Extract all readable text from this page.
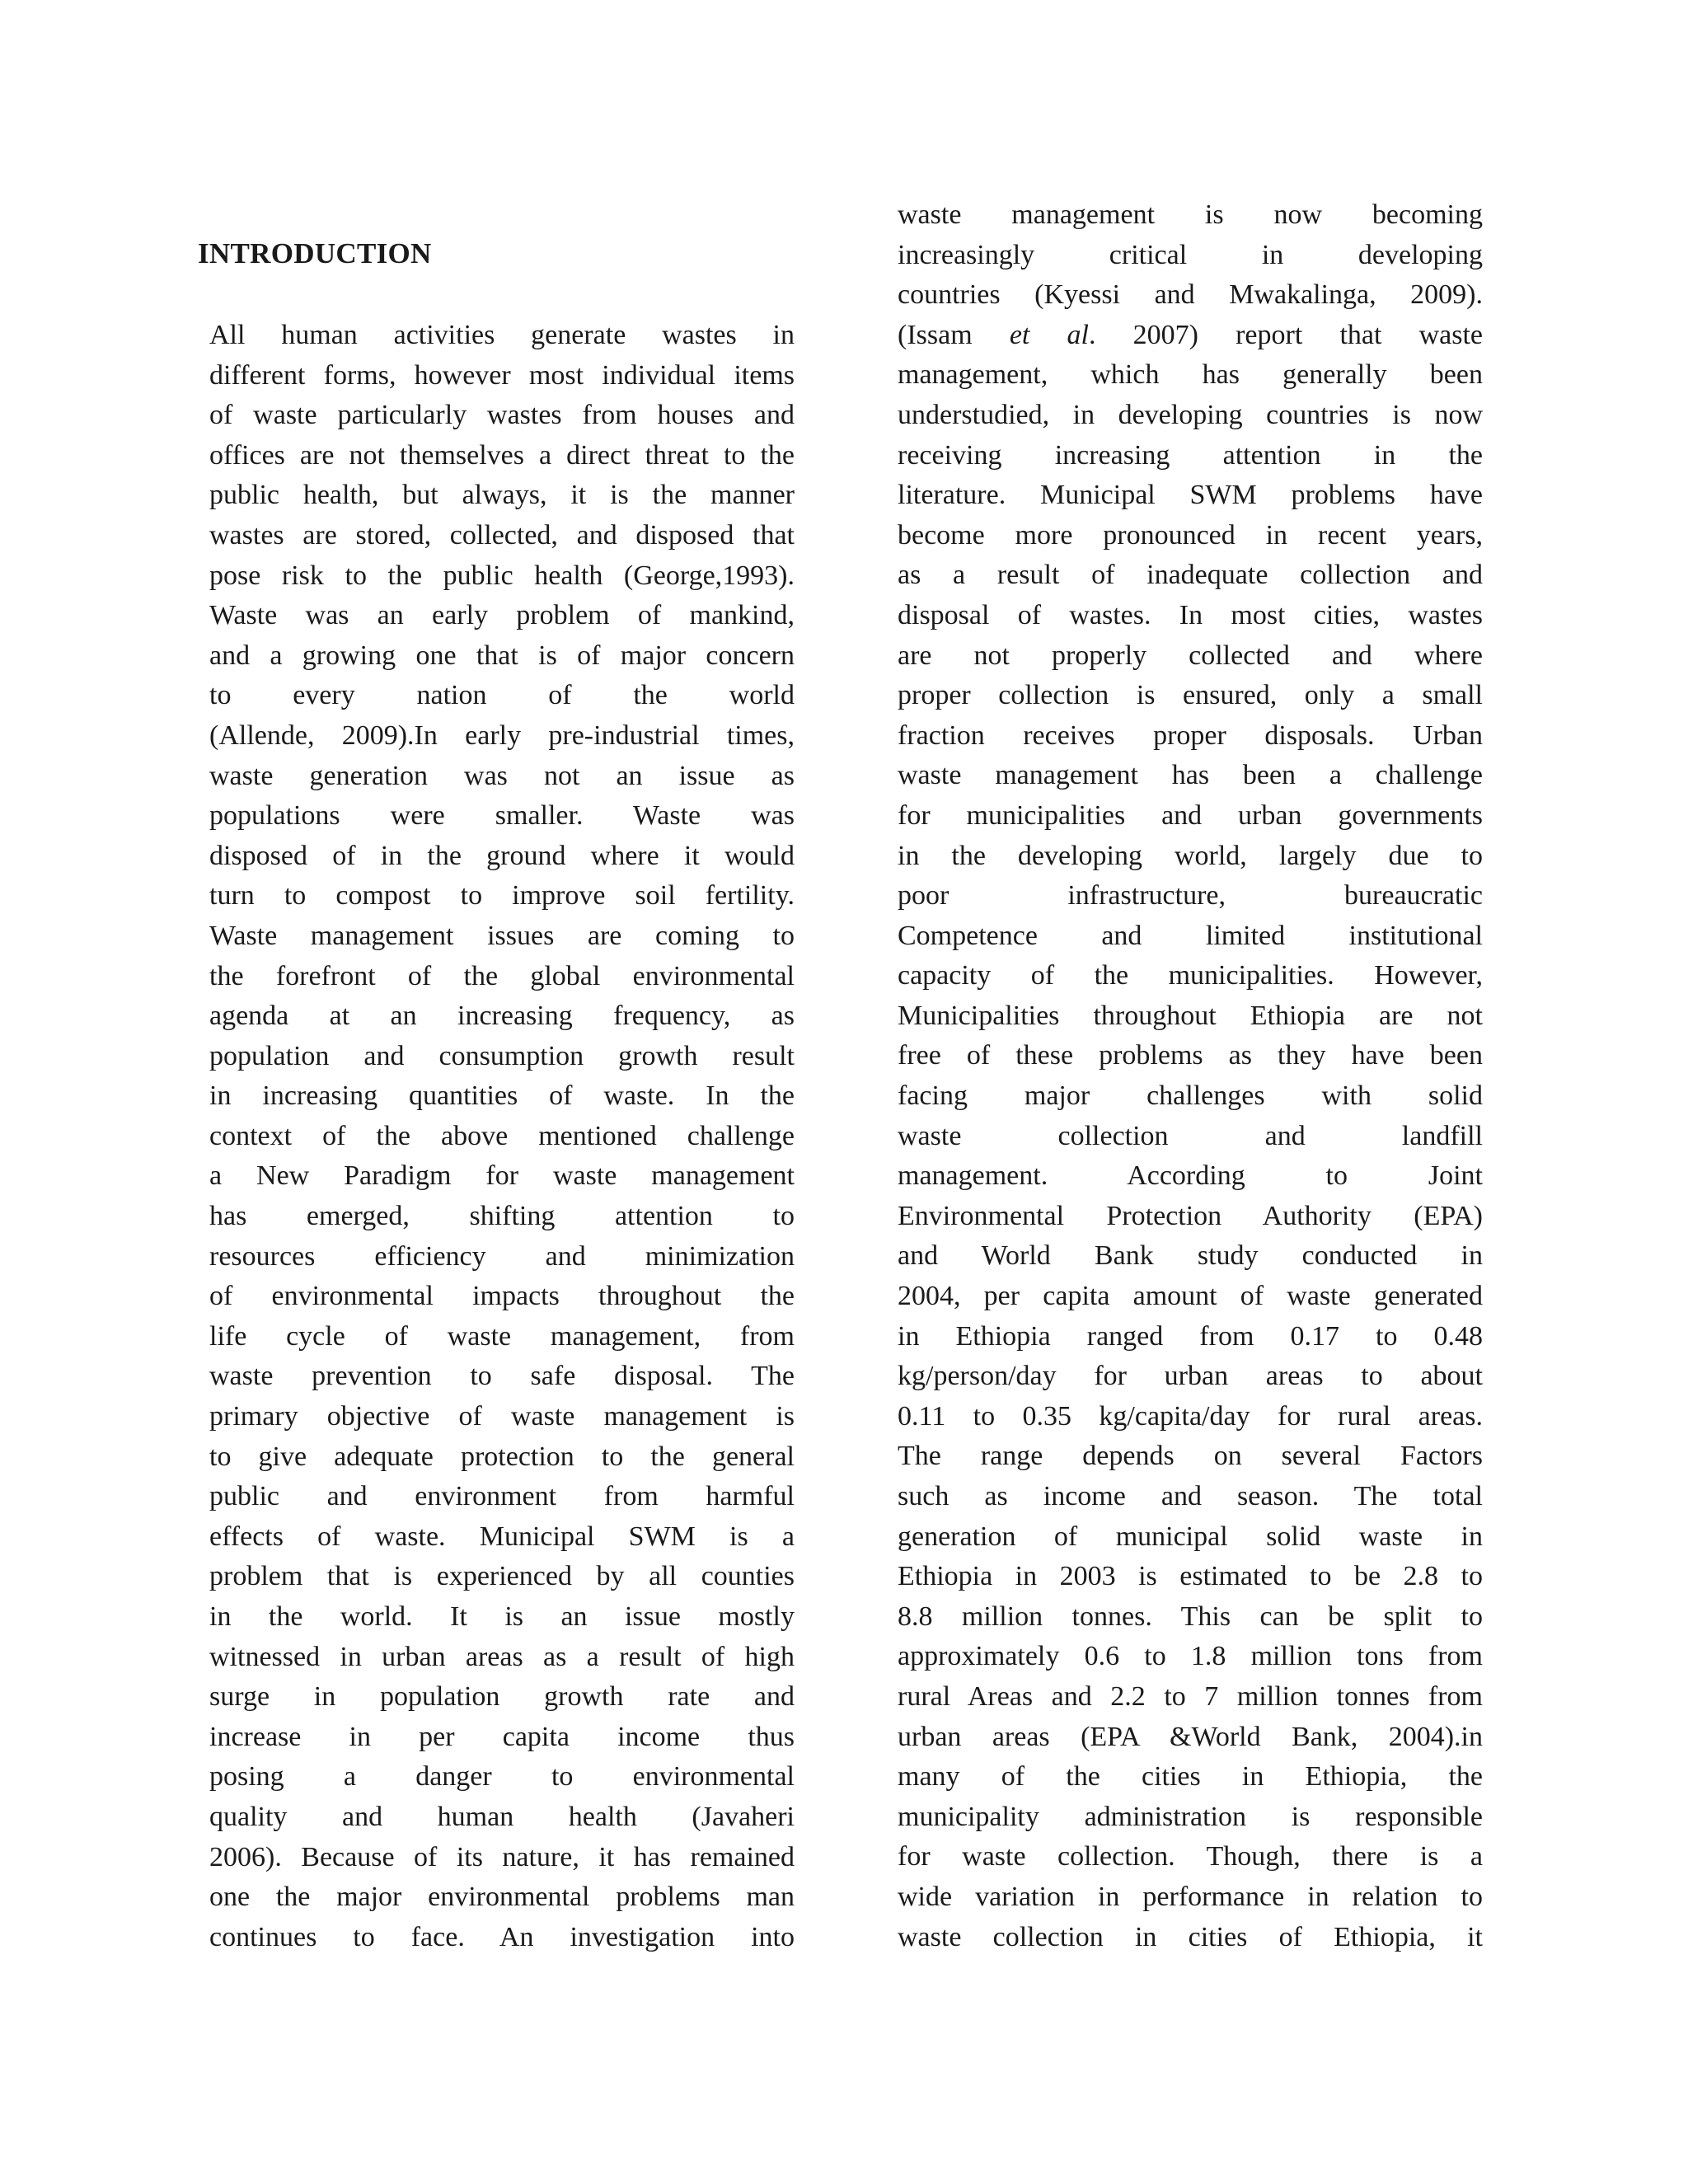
INTRODUCTION
All human activities generate wastes in
different forms, however most individual items
of waste particularly wastes from houses and
offices are not themselves a direct threat to the
public health, but always, it is the manner
wastes are stored, collected, and disposed that
pose risk to the public health (George,1993).
Waste was an early problem of mankind,
and a growing one that is of major concern
to every nation of the world
(Allende, 2009).In early pre-industrial times,
waste generation was not an issue as
populations were smaller. Waste was
disposed of in the ground where it would
turn to compost to improve soil fertility.
Waste management issues are coming to
the forefront of the global environmental
agenda at an increasing frequency, as
population and consumption growth result
in increasing quantities of waste. In the
context of the above mentioned challenge
a New Paradigm for waste management
has emerged, shifting attention to
resources efficiency and minimization
of environmental impacts throughout the
life cycle of waste management, from
waste prevention to safe disposal. The
primary objective of waste management is
to give adequate protection to the general
public and environment from harmful
effects of waste. Municipal SWM is a
problem that is experienced by all counties
in the world. It is an issue mostly
witnessed in urban areas as a result of high
surge in population growth rate and
increase in per capita income thus
posing a danger to environmental
quality and human health (Javaheri
2006). Because of its nature, it has remained
one the major environmental problems man
continues to face. An investigation into
waste management is now becoming
increasingly critical in developing
countries (Kyessi and Mwakalinga, 2009).
(Issam et al. 2007) report that waste
management, which has generally been
understudied, in developing countries is now
receiving increasing attention in the
literature. Municipal SWM problems have
become more pronounced in recent years,
as a result of inadequate collection and
disposal of wastes. In most cities, wastes
are not properly collected and where
proper collection is ensured, only a small
fraction receives proper disposals. Urban
waste management has been a challenge
for municipalities and urban governments
in the developing world, largely due to
poor infrastructure, bureaucratic
Competence and limited institutional
capacity of the municipalities. However,
Municipalities throughout Ethiopia are not
free of these problems as they have been
facing major challenges with solid
waste collection and landfill
management. According to Joint
Environmental Protection Authority (EPA)
and World Bank study conducted in
2004, per capita amount of waste generated
in Ethiopia ranged from 0.17 to 0.48
kg/person/day for urban areas to about
0.11 to 0.35 kg/capita/day for rural areas.
The range depends on several Factors
such as income and season. The total
generation of municipal solid waste in
Ethiopia in 2003 is estimated to be 2.8 to
8.8 million tonnes. This can be split to
approximately 0.6 to 1.8 million tons from
rural Areas and 2.2 to 7 million tonnes from
urban areas (EPA &World Bank, 2004).in
many of the cities in Ethiopia, the
municipality administration is responsible
for waste collection. Though, there is a
wide variation in performance in relation to
waste collection in cities of Ethiopia, it
